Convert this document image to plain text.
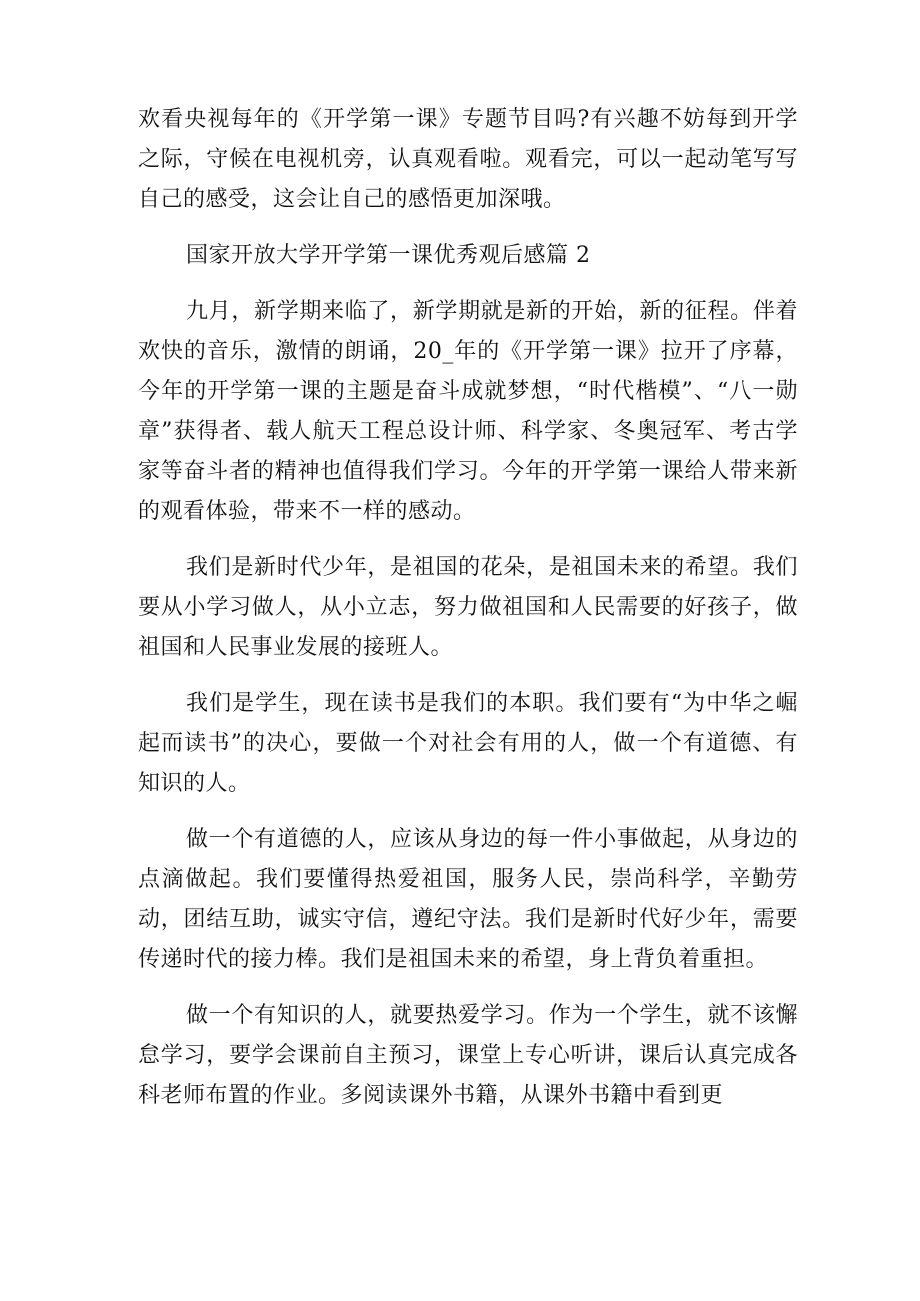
欢看央视每年的《开学第一课》专题节目吗?有兴趣不妨每到开学之际，守候在电视机旁，认真观看啦。观看完，可以一起动笔写写自己的感受，这会让自己的感悟更加深哦。

国家开放大学开学第一课优秀观后感篇 2

九月，新学期来临了，新学期就是新的开始，新的征程。伴着欢快的音乐，激情的朗诵，20_年的《开学第一课》拉开了序幕，今年的开学第一课的主题是奋斗成就梦想，“时代楷模”、“八一勋章”获得者、载人航天工程总设计师、科学家、冬奥冠军、考古学家等奋斗者的精神也值得我们学习。今年的开学第一课给人带来新的观看体验，带来不一样的感动。

我们是新时代少年，是祖国的花朵，是祖国未来的希望。我们要从小学习做人，从小立志，努力做祖国和人民需要的好孩子，做祖国和人民事业发展的接班人。

我们是学生，现在读书是我们的本职。我们要有“为中华之崛起而读书”的决心，要做一个对社会有用的人，做一个有道德、有知识的人。

做一个有道德的人，应该从身边的每一件小事做起，从身边的点滴做起。我们要懂得热爱祖国，服务人民，崇尚科学，辛勤劳动，团结互助，诚实守信，遵纪守法。我们是新时代好少年，需要传递时代的接力棒。我们是祖国未来的希望，身上背负着重担。

做一个有知识的人，就要热爱学习。作为一个学生，就不该懈怠学习，要学会课前自主预习，课堂上专心听讲，课后认真完成各科老师布置的作业。多阅读课外书籍，从课外书籍中看到更
